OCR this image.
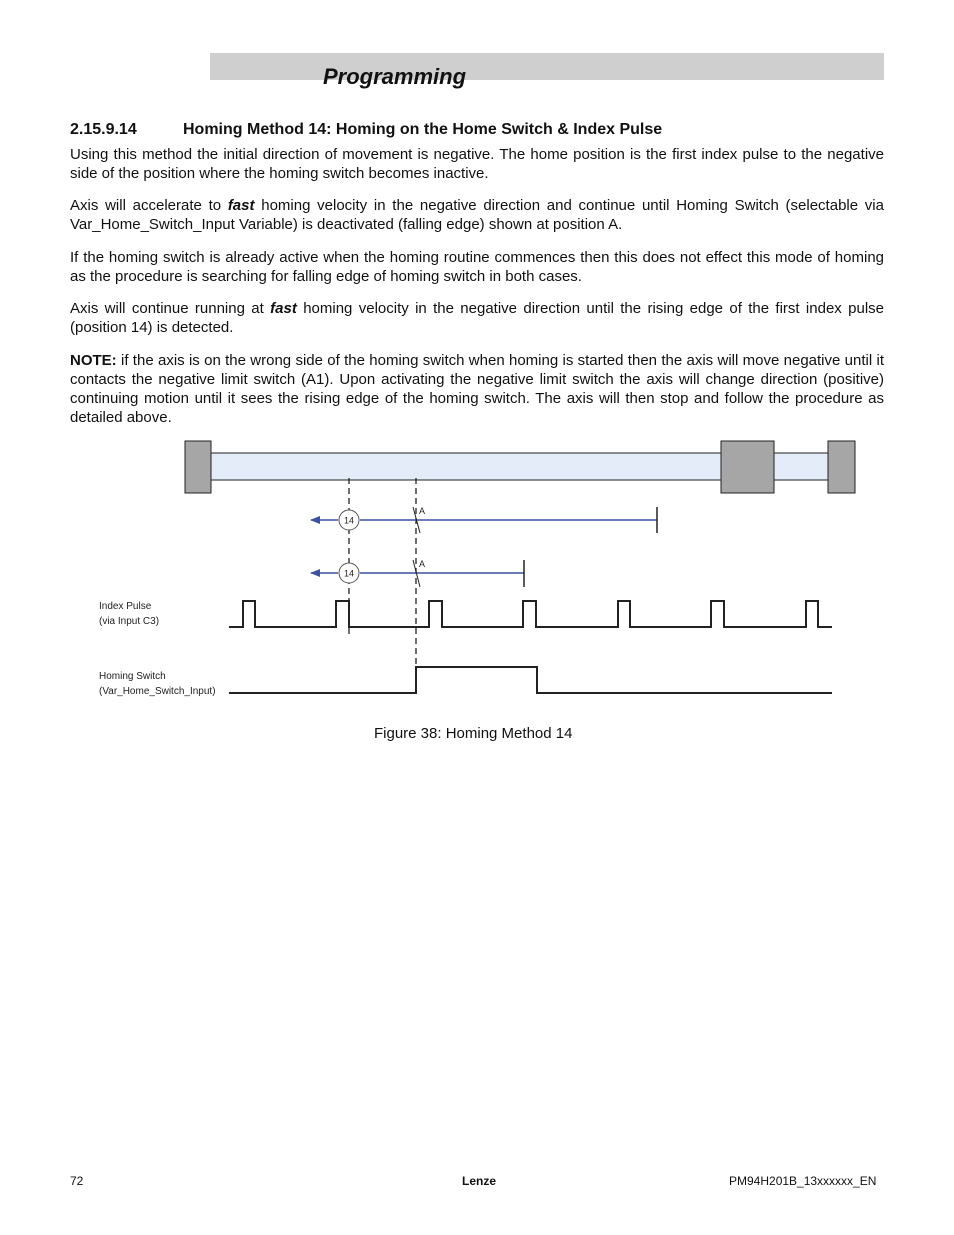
Programming
2.15.9.14	Homing Method 14: Homing on the Home Switch & Index Pulse
Using this method the initial direction of movement is negative. The home position is the first index pulse to the negative side of the position where the homing switch becomes inactive.
Axis will accelerate to fast homing velocity in the negative direction and continue until Homing Switch (selectable via Var_Home_Switch_Input Variable) is deactivated (falling edge) shown at position A.
If the homing switch is already active when the homing routine commences then this does not effect this mode of homing as the procedure is searching for falling edge of homing switch in both cases.
Axis will continue running at fast homing velocity in the negative direction until the rising edge of the first index pulse (position 14) is detected.
NOTE: if the axis is on the wrong side of the homing switch when homing is started then the axis will move negative until it contacts the negative limit switch (A1). Upon activating the negative limit switch the axis will change direction (positive) continuing motion until it sees the rising edge of the homing switch. The axis will then stop and follow the procedure as detailed above.
14
A
14
A
Index Pulse
(via Input C3)
Homing Switch
(Var_Home_Switch_Input)
Figure 38: Homing Method 14
72	Lenze	PM94H201B_13xxxxxx_EN
